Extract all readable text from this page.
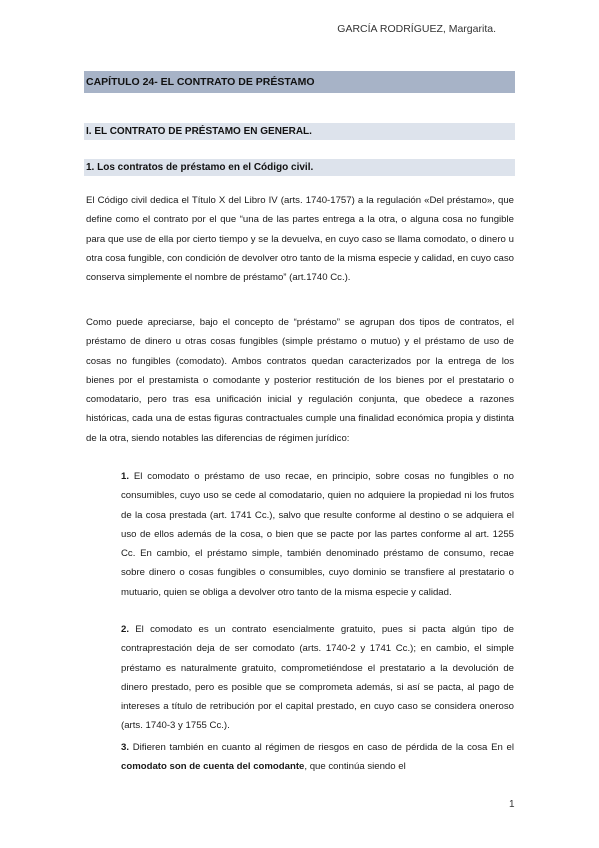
GARCÍA RODRÍGUEZ, Margarita.
CAPÍTULO 24- EL CONTRATO DE PRÉSTAMO
I. EL CONTRATO DE PRÉSTAMO EN GENERAL.
1. Los contratos de préstamo en el Código civil.

El Código civil dedica el Título X del Libro IV (arts. 1740-1757) a la regulación «Del préstamo», que define como el contrato por el que “una de las partes entrega a la otra, o alguna cosa no fungible para que use de ella por cierto tiempo y se la devuelva, en cuyo caso se llama comodato, o dinero u otra cosa fungible, con condición de devolver otro tanto de la misma especie y calidad, en cuyo caso conserva simplemente el nombre de préstamo” (art.1740 Cc.).

Como puede apreciarse, bajo el concepto de “préstamo” se agrupan dos tipos de contratos, el préstamo de dinero u otras cosas fungibles (simple préstamo o mutuo) y el préstamo de uso de cosas no fungibles (comodato). Ambos contratos quedan caracterizados por la entrega de los bienes por el prestamista o comodante y posterior restitución de los bienes por el prestatario o comodatario, pero tras esa unificación inicial y regulación conjunta, que obedece a razones históricas, cada una de estas figuras contractuales cumple una finalidad económica propia y distinta de la otra, siendo notables las diferencias de régimen jurídico:

1. El comodato o préstamo de uso recae, en principio, sobre cosas no fungibles o no consumibles, cuyo uso se cede al comodatario, quien no adquiere la propiedad ni los frutos de la cosa prestada (art. 1741 Cc.), salvo que resulte conforme al destino o se adquiera el uso de ellos además de la cosa, o bien que se pacte por las partes conforme al art. 1255 Cc. En cambio, el préstamo simple, también denominado préstamo de consumo, recae sobre dinero o cosas fungibles o consumibles, cuyo dominio se transfiere al prestatario o mutuario, quien se obliga a devolver otro tanto de la misma especie y calidad.

2. El comodato es un contrato esencialmente gratuito, pues si pacta algún tipo de contraprestación deja de ser comodato (arts. 1740-2 y 1741 Cc.); en cambio, el simple préstamo es naturalmente gratuito, comprometiéndose el prestatario a la devolución de dinero prestado, pero es posible que se comprometa además, si así se pacta, al pago de intereses a título de retribución por el capital prestado, en cuyo caso se considera oneroso (arts. 1740-3 y 1755 Cc.).

3. Difieren también en cuanto al régimen de riesgos en caso de pérdida de la cosa En el comodato son de cuenta del comodante, que continúa siendo el

1
